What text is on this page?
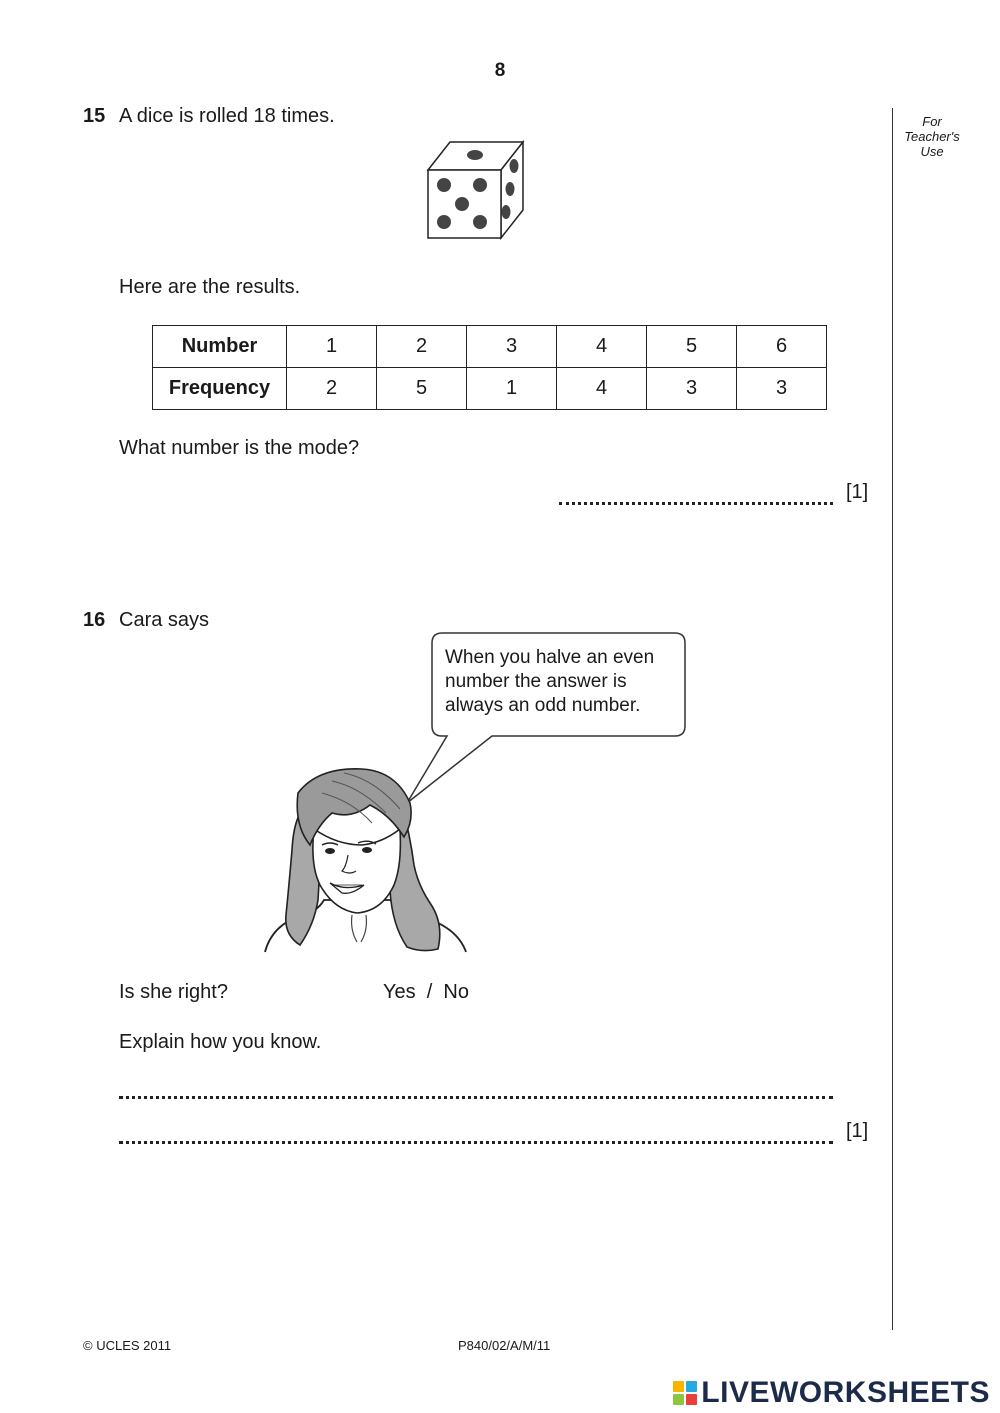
8
For
Teacher's
Use
15 A dice is rolled 18 times.
Here are the results.
Number	1	2	3	4	5	6
Frequency	2	5	1	4	3	3
What number is the mode?
[1]
16 Cara says
When you halve an even
number the answer is
always an odd number.
Is she right?	Yes  /  No
Explain how you know.
[1]
© UCLES 2011	P840/02/A/M/11
LIVEWORKSHEETS
